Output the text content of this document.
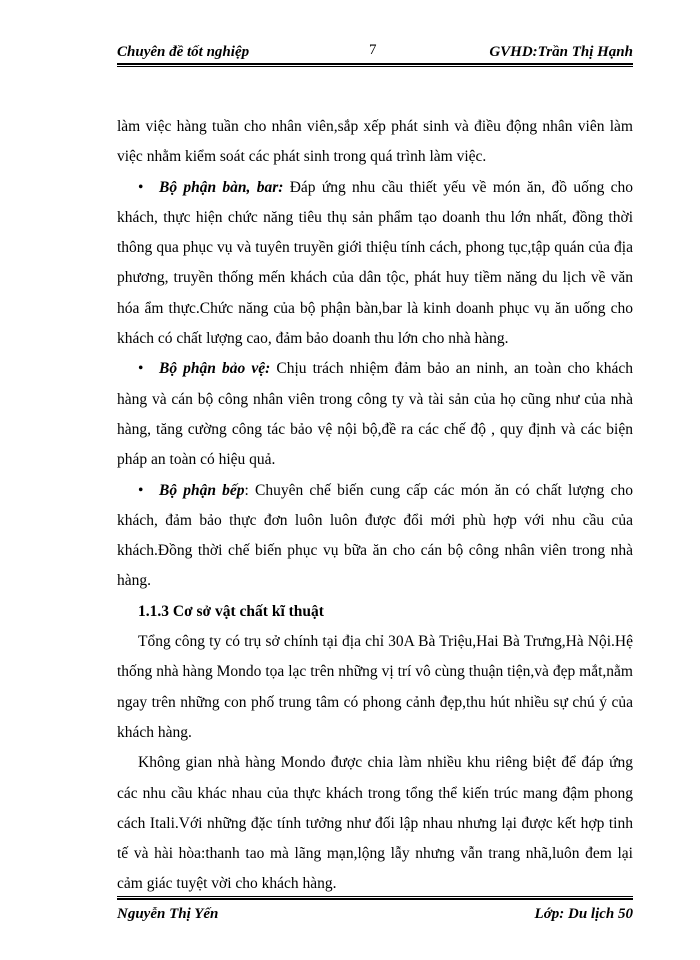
Chuyên đề tốt nghiệp	7	GVHD:Trần Thị Hạnh

làm việc hàng tuần cho nhân viên,sắp xếp phát sinh và điều động nhân viên làm việc nhằm kiểm soát các phát sinh trong quá trình làm việc.

• Bộ phận bàn, bar: Đáp ứng nhu cầu thiết yếu về món ăn, đồ uống cho khách, thực hiện chức năng tiêu thụ sản phẩm tạo doanh thu lớn nhất, đồng thời thông qua phục vụ và tuyên truyền giới thiệu tính cách, phong tục,tập quán của địa phương, truyền thống mến khách của dân tộc, phát huy tiềm năng du lịch về văn hóa ẩm thực.Chức năng của bộ phận bàn,bar là kinh doanh phục vụ ăn uống cho khách có chất lượng cao, đảm bảo doanh thu lớn cho nhà hàng.

• Bộ phận bảo vệ: Chịu trách nhiệm đảm bảo an ninh, an toàn cho khách hàng và cán bộ công nhân viên trong công ty và tài sản của họ cũng như của nhà hàng, tăng cường công tác bảo vệ nội bộ,đề ra các chế độ , quy định và các biện pháp an toàn có hiệu quả.

• Bộ phận bếp: Chuyên chế biến cung cấp các món ăn có chất lượng cho khách, đảm bảo thực đơn luôn luôn được đổi mới phù hợp với nhu cầu của khách.Đồng thời chế biến phục vụ bữa ăn cho cán bộ công nhân viên trong nhà hàng.

1.1.3 Cơ sở vật chất kĩ thuật

Tổng công ty có trụ sở chính tại địa chỉ 30A Bà Triệu,Hai Bà Trưng,Hà Nội.Hệ thống nhà hàng Mondo tọa lạc trên những vị trí vô cùng thuận tiện,và đẹp mắt,nằm ngay trên những con phố trung tâm có phong cảnh đẹp,thu hút nhiều sự chú ý của khách hàng.

Không gian nhà hàng Mondo được chia làm nhiều khu riêng biệt để đáp ứng các nhu cầu khác nhau của thực khách trong tổng thể kiến trúc mang đậm phong cách Itali.Với những đặc tính tưởng như đối lập nhau nhưng lại được kết hợp tinh tế và hài hòa:thanh tao mà lãng mạn,lộng lẫy nhưng vẫn trang nhã,luôn đem lại cảm giác tuyệt vời cho khách hàng.

Nguyễn Thị Yến	Lớp: Du lịch 50
